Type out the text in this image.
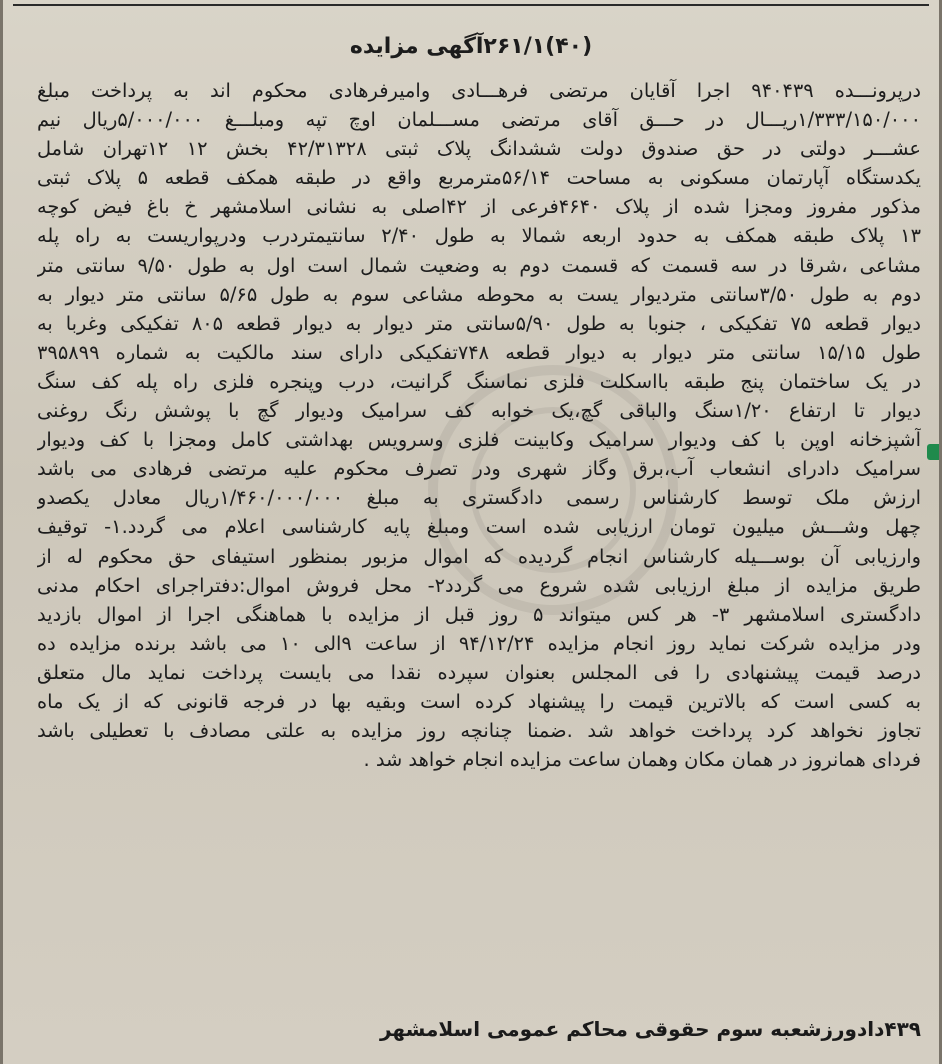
(۴۰)۲۶۱/۱آگهی مزایده
درپرونـــده ۹۴۰۴۳۹ اجرا آقایان مرتضی فرهـــادی وامیرفرهادی محکوم اند به پرداخت مبلغ
۱/۳۳۳/۱۵۰/۰۰۰ریـــال در حـــق آقای مرتضی مســـلمان اوچ تپه ومبلـــغ ۵/۰۰۰/۰۰۰ریال نیم
عشـــر دولتی در حق صندوق دولت ششدانگ پلاک ثبتی ۴۲/۳۱۳۲۸ بخش ۱۲ ۱۲تهران شامل
یکدستگاه آپارتمان مسکونی به مساحت ۵۶/۱۴مترمربع واقع در طبقه همکف قطعه ۵ پلاک ثبتی
مذکور مفروز ومجزا شده از پلاک ۴۶۴۰فرعی از ۴۲اصلی به نشانی اسلامشهر خ باغ فیض کوچه
۱۳ پلاک طبقه همکف به حدود اربعه شمالا به طول ۲/۴۰ سانتیمتردرب ودرپواریست به راه پله
مشاعی ،شرقا در سه قسمت که قسمت دوم به وضعیت شمال است اول به طول ۹/۵۰ سانتی متر
دوم به طول ۳/۵۰سانتی متردیوار یست به محوطه مشاعی سوم به طول ۵/۶۵ سانتی متر دیوار به
دیوار قطعه ۷۵ تفکیکی ، جنوبا به طول ۵/۹۰سانتی متر دیوار به دیوار قطعه ۸۰۵ تفکیکی وغربا به
طول ۱۵/۱۵ سانتی متر دیوار به دیوار قطعه ۷۴۸تفکیکی دارای سند مالکیت به شماره ۳۹۵۸۹۹
در یک ساختمان پنج طبقه بااسکلت فلزی نماسنگ گرانیت، درب وپنجره فلزی راه پله کف سنگ
دیوار تا ارتفاع ۱/۲۰سنگ والباقی گچ،یک خوابه کف سرامیک ودیوار گچ با پوشش رنگ روغنی
آشپزخانه اوپن با کف ودیوار سرامیک وکابینت فلزی وسرویس بهداشتی کامل ومجزا با کف ودیوار
سرامیک دادرای انشعاب آب،برق وگاز شهری ودر تصرف محکوم علیه مرتضی فرهادی می باشد
ارزش ملک توسط کارشناس رسمی دادگستری به مبلغ ۱/۴۶۰/۰۰۰/۰۰۰ریال معادل یکصدو
چهل وشـــش میلیون تومان ارزیابی شده است ومبلغ پایه کارشناسی اعلام می گردد.۱- توقیف
وارزیابی آن بوســـیله کارشناس انجام گردیده که اموال مزبور بمنظور استیفای حق محکوم له از
طریق مزایده از مبلغ ارزیابی شده شروع می گردد۲- محل فروش اموال:دفتراجرای احکام مدنی
دادگستری اسلامشهر ۳- هر کس میتواند ۵ روز قبل از مزایده با هماهنگی اجرا از اموال بازدید
ودر مزایده شرکت نماید روز انجام مزایده ۹۴/۱۲/۲۴ از ساعت ۹الی ۱۰ می باشد برنده مزایده ده
درصد قیمت پیشنهادی را فی المجلس بعنوان سپرده نقدا می بایست پرداخت نماید مال متعلق
به کسی است که بالاترین قیمت را پیشنهاد کرده است وبقیه بها در فرجه قانونی که از یک ماه
تجاوز نخواهد کرد پرداخت خواهد شد .ضمنا چنانچه روز مزایده به علتی مصادف با تعطیلی باشد
فردای همانروز در همان مکان وهمان ساعت مزایده انجام خواهد شد .
۴۳۹دادورزشعبه سوم حقوقی محاکم عمومی اسلامشهر
